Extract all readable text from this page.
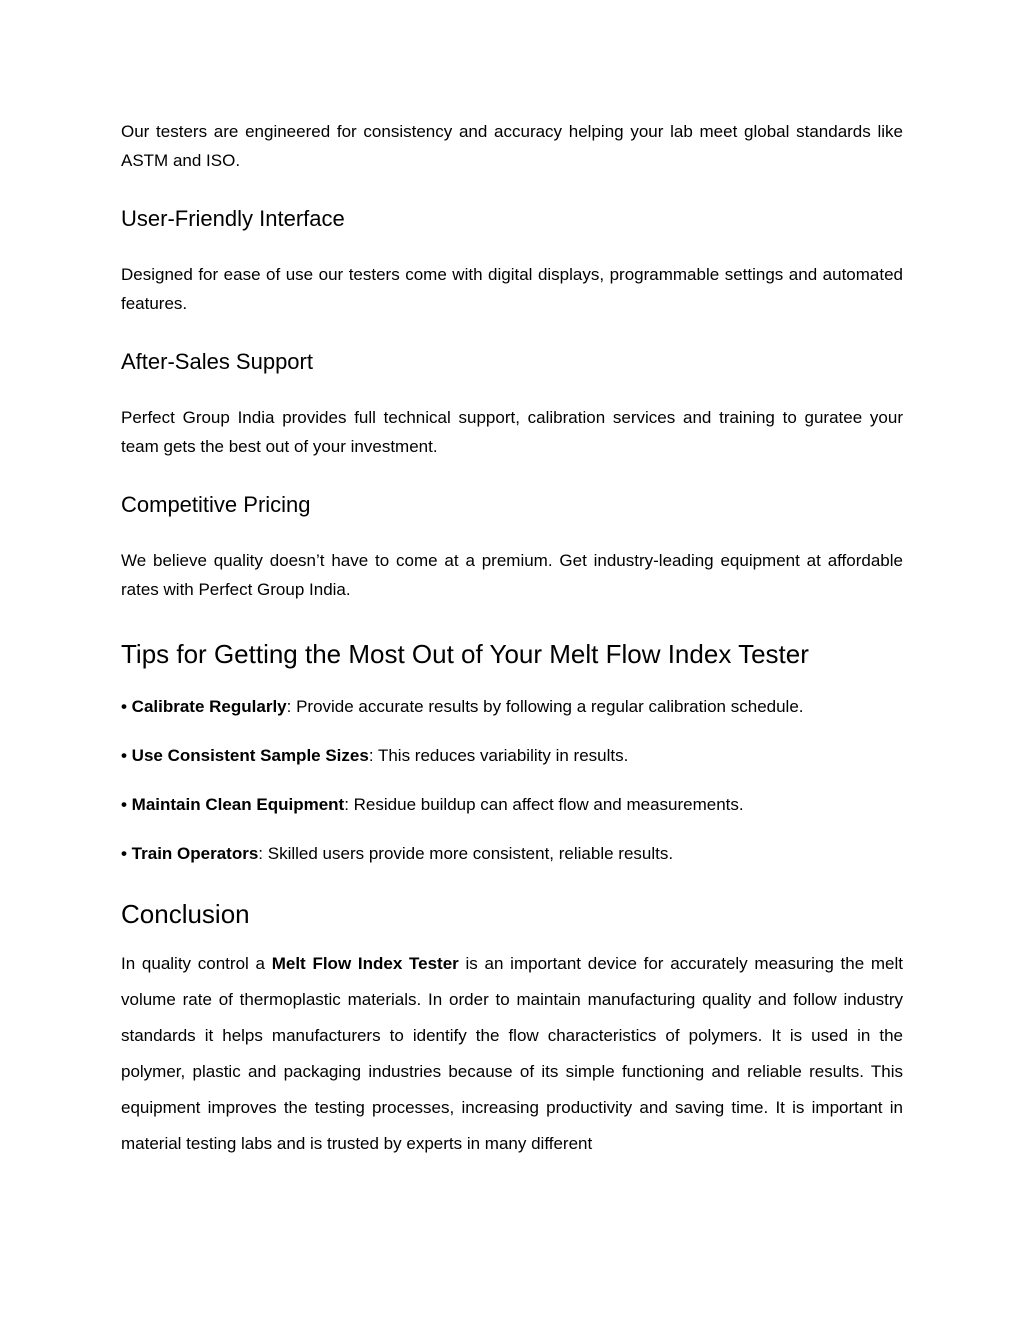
Our testers are engineered for consistency and accuracy helping your lab meet global standards like ASTM and ISO.

User-Friendly Interface

Designed for ease of use our testers come with digital displays, programmable settings and automated features.

After-Sales Support

Perfect Group India provides full technical support, calibration services and training to guratee your team gets the best out of your investment.

Competitive Pricing

We believe quality doesn’t have to come at a premium. Get industry-leading equipment at affordable rates with Perfect Group India.

Tips for Getting the Most Out of Your Melt Flow Index Tester

• Calibrate Regularly: Provide accurate results by following a regular calibration schedule.

• Use Consistent Sample Sizes: This reduces variability in results.

• Maintain Clean Equipment: Residue buildup can affect flow and measurements.

• Train Operators: Skilled users provide more consistent, reliable results.

Conclusion

In quality control a Melt Flow Index Tester is an important device for accurately measuring the melt volume rate of thermoplastic materials. In order to maintain manufacturing quality and follow industry standards it helps manufacturers to identify the flow characteristics of polymers. It is used in the polymer, plastic and packaging industries because of its simple functioning and reliable results. This equipment improves the testing processes, increasing productivity and saving time. It is important in material testing labs and is trusted by experts in many different
